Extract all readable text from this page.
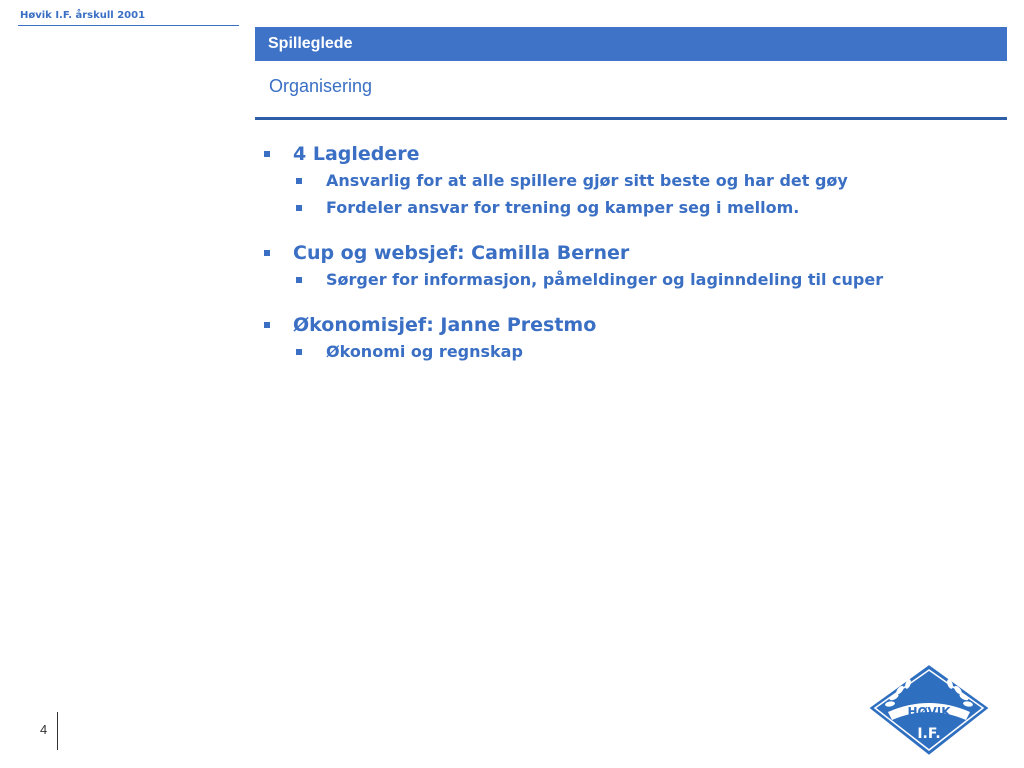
Høvik I.F. årskull 2001
Spilleglede
Organisering
4 Lagledere
Ansvarlig for at alle spillere gjør sitt beste og har det gøy
Fordeler ansvar for trening og kamper seg i mellom.
Cup og websjef: Camilla Berner
Sørger for informasjon, påmeldinger og laginndeling til cuper
Økonomisjef: Janne Prestmo
Økonomi og regnskap
4
HØVIK
I.F.
